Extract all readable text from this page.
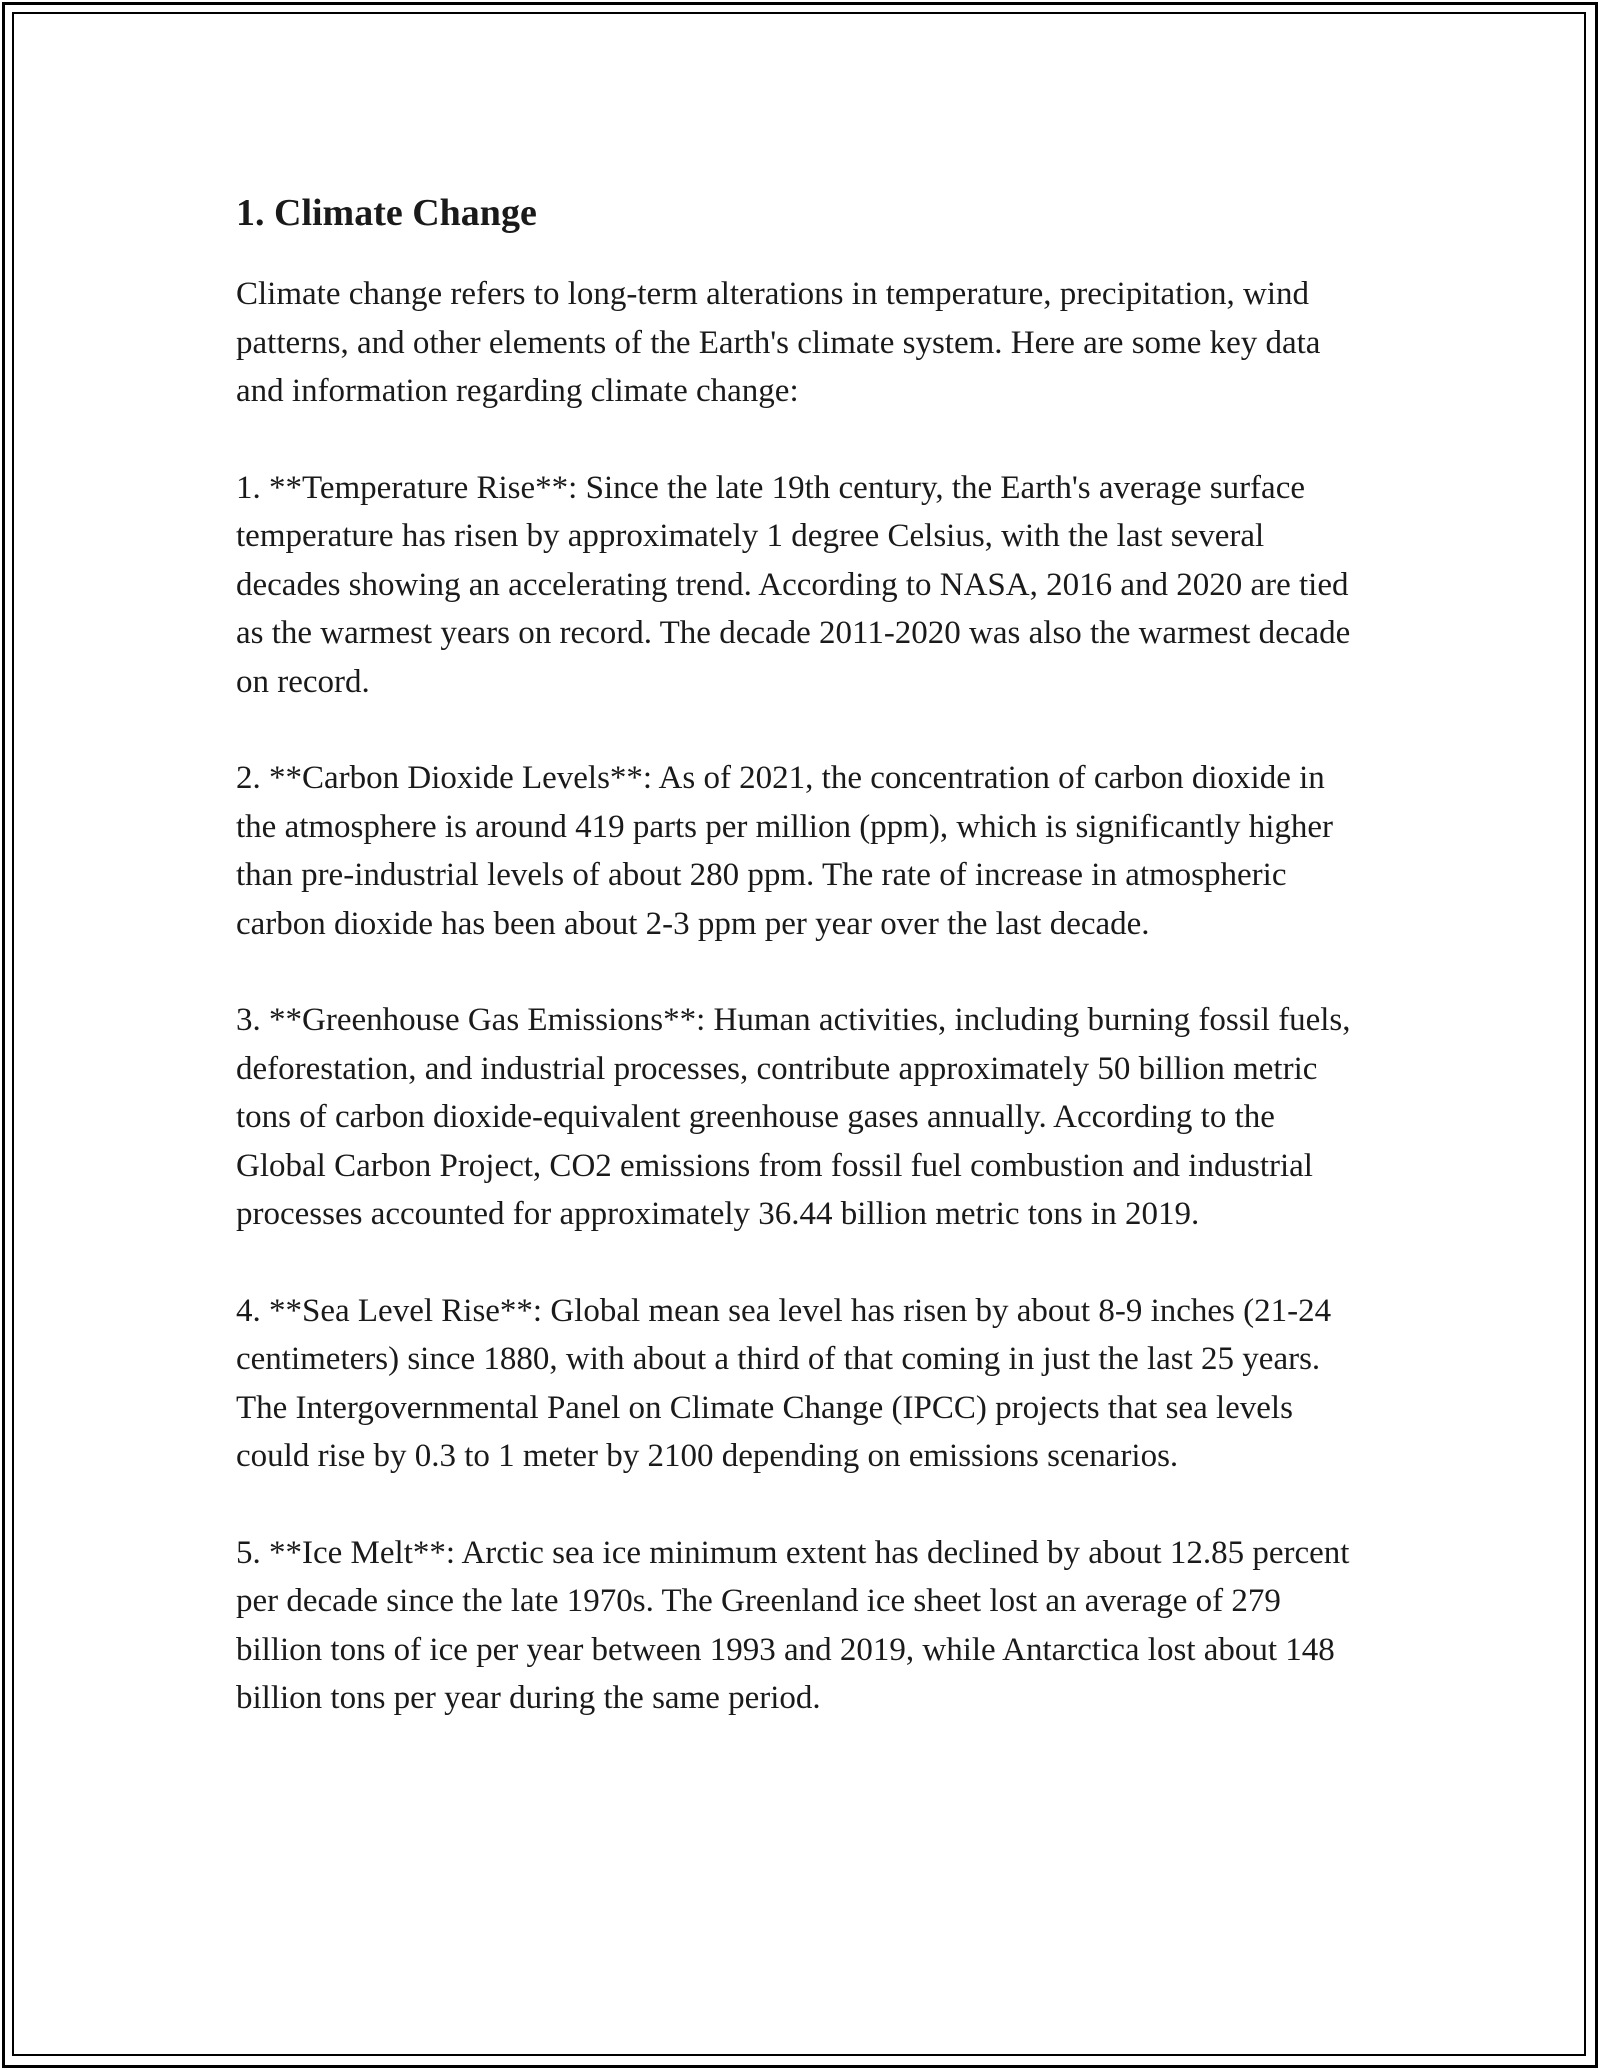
1. Climate Change

Climate change refers to long-term alterations in temperature, precipitation, wind patterns, and other elements of the Earth's climate system. Here are some key data and information regarding climate change:

1. **Temperature Rise**: Since the late 19th century, the Earth's average surface temperature has risen by approximately 1 degree Celsius, with the last several decades showing an accelerating trend. According to NASA, 2016 and 2020 are tied as the warmest years on record. The decade 2011-2020 was also the warmest decade on record.

2. **Carbon Dioxide Levels**: As of 2021, the concentration of carbon dioxide in the atmosphere is around 419 parts per million (ppm), which is significantly higher than pre-industrial levels of about 280 ppm. The rate of increase in atmospheric carbon dioxide has been about 2-3 ppm per year over the last decade.

3. **Greenhouse Gas Emissions**: Human activities, including burning fossil fuels, deforestation, and industrial processes, contribute approximately 50 billion metric tons of carbon dioxide-equivalent greenhouse gases annually. According to the Global Carbon Project, CO2 emissions from fossil fuel combustion and industrial processes accounted for approximately 36.44 billion metric tons in 2019.

4. **Sea Level Rise**: Global mean sea level has risen by about 8-9 inches (21-24 centimeters) since 1880, with about a third of that coming in just the last 25 years. The Intergovernmental Panel on Climate Change (IPCC) projects that sea levels could rise by 0.3 to 1 meter by 2100 depending on emissions scenarios.

5. **Ice Melt**: Arctic sea ice minimum extent has declined by about 12.85 percent per decade since the late 1970s. The Greenland ice sheet lost an average of 279 billion tons of ice per year between 1993 and 2019, while Antarctica lost about 148 billion tons per year during the same period.
